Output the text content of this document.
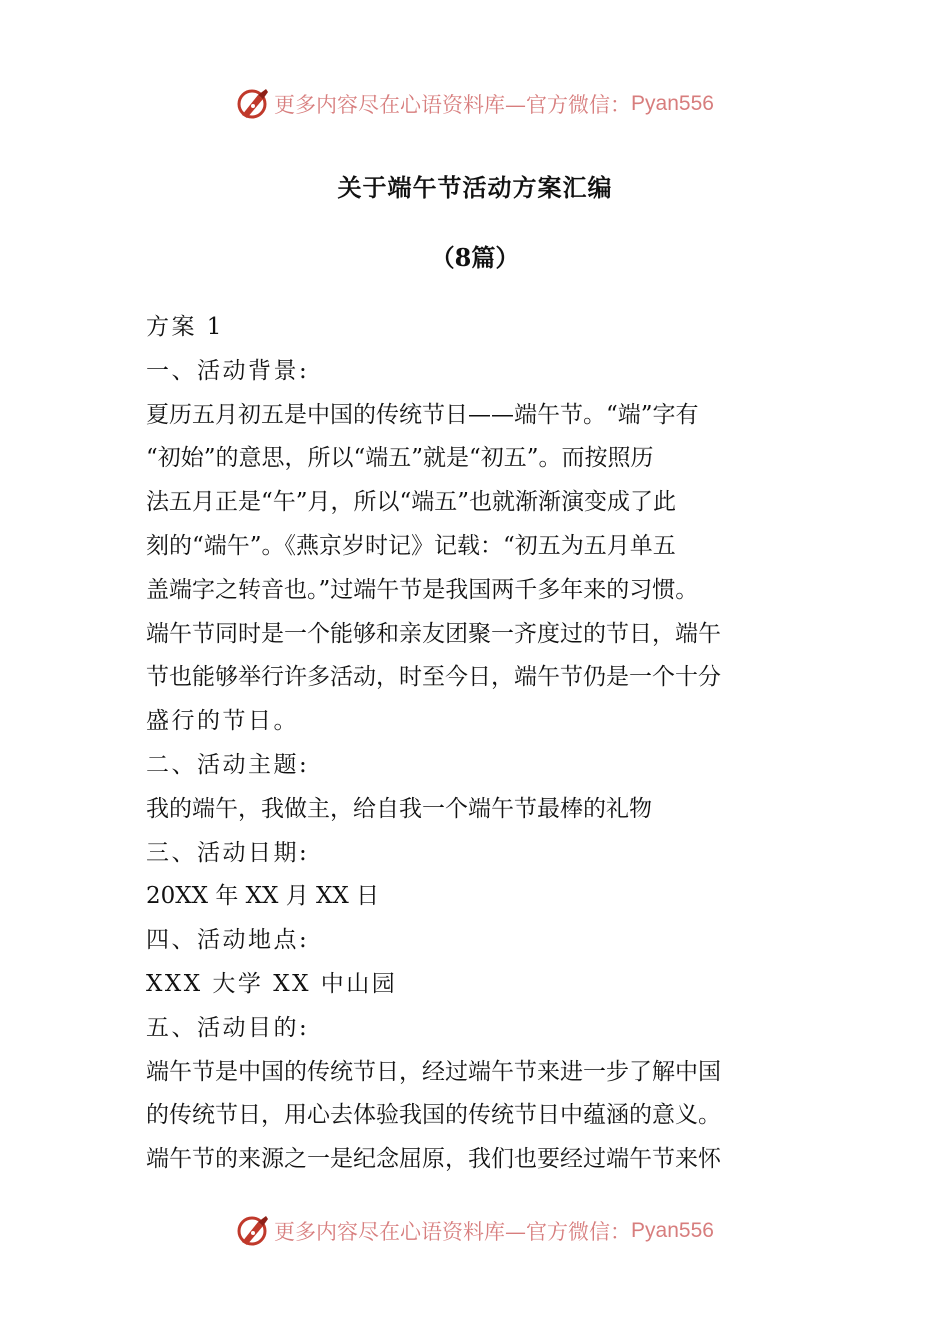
更多内容尽在心语资料库—官方微信： Pyan556
关于端午节活动方案汇编
（8篇）
方案 1
一、活动背景:
夏历五月初五是中国的传统节日——端午节。“端”字有
“初始”的意思，所以“端五”就是“初五”。而按照历
法五月正是“午”月，所以“端五”也就渐渐演变成了此
刻的“端午”。《燕京岁时记》记载：“初五为五月单五
盖端字之转音也。”过端午节是我国两千多年来的习惯。
端午节同时是一个能够和亲友团聚一齐度过的节日，端午
节也能够举行许多活动，时至今日，端午节仍是一个十分
盛行的节日。
二、活动主题:
我的端午，我做主，给自我一个端午节最棒的礼物
三、活动日期:
20XX 年 XX 月 XX 日
四、活动地点:
XXX 大学 XX 中山园
五、活动目的:
端午节是中国的传统节日，经过端午节来进一步了解中国
的传统节日，用心去体验我国的传统节日中蕴涵的意义。
端午节的来源之一是纪念屈原，我们也要经过端午节来怀
更多内容尽在心语资料库—官方微信： Pyan556
